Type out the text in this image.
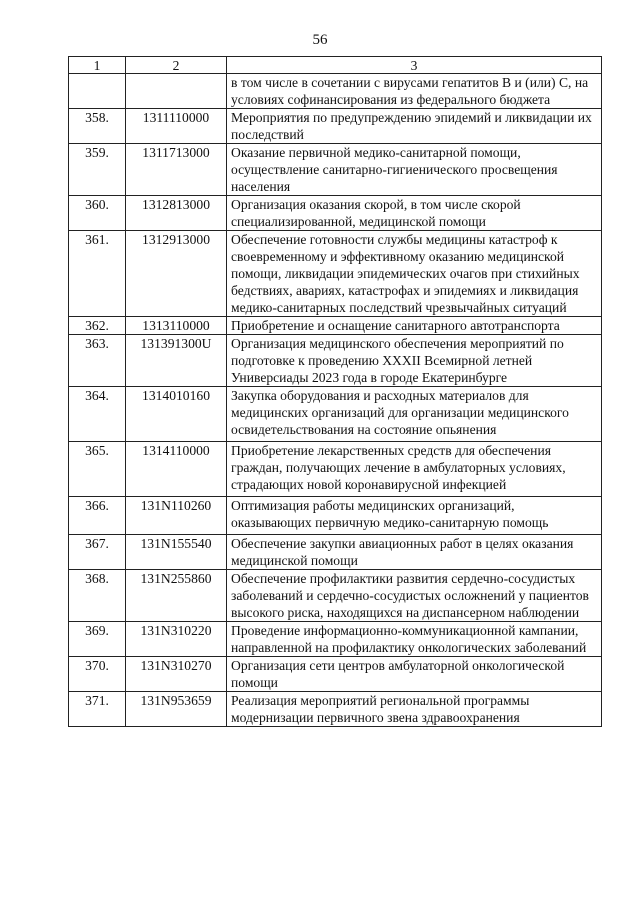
56
1	2	3
		в том числе в сочетании с вирусами гепатитов В и (или) С, на условиях софинансирования из федерального бюджета
358.	1311110000	Мероприятия по предупреждению эпидемий и ликвидации их последствий
359.	1311713000	Оказание первичной медико-санитарной помощи, осуществление санитарно-гигиенического просвещения населения
360.	1312813000	Организация оказания скорой, в том числе скорой специализированной, медицинской помощи
361.	1312913000	Обеспечение готовности службы медицины катастроф к своевременному и эффективному оказанию медицинской помощи, ликвидации эпидемических очагов при стихийных бедствиях, авариях, катастрофах и эпидемиях и ликвидация медико-санитарных последствий чрезвычайных ситуаций
362.	1313110000	Приобретение и оснащение санитарного автотранспорта
363.	131391300U	Организация медицинского обеспечения мероприятий по подготовке к проведению XXXII Всемирной летней Универсиады 2023 года в городе Екатеринбурге
364.	1314010160	Закупка оборудования и расходных материалов для медицинских организаций для организации медицинского освидетельствования на состояние опьянения
365.	1314110000	Приобретение лекарственных средств для обеспечения граждан, получающих лечение в амбулаторных условиях, страдающих новой коронавирусной инфекцией
366.	131N110260	Оптимизация работы медицинских организаций, оказывающих первичную медико-санитарную помощь
367.	131N155540	Обеспечение закупки авиационных работ в целях оказания медицинской помощи
368.	131N255860	Обеспечение профилактики развития сердечно-сосудистых заболеваний и сердечно-сосудистых осложнений у пациентов высокого риска, находящихся на диспансерном наблюдении
369.	131N310220	Проведение информационно-коммуникационной кампании, направленной на профилактику онкологических заболеваний
370.	131N310270	Организация сети центров амбулаторной онкологической помощи
371.	131N953659	Реализация мероприятий региональной программы модернизации первичного звена здравоохранения
